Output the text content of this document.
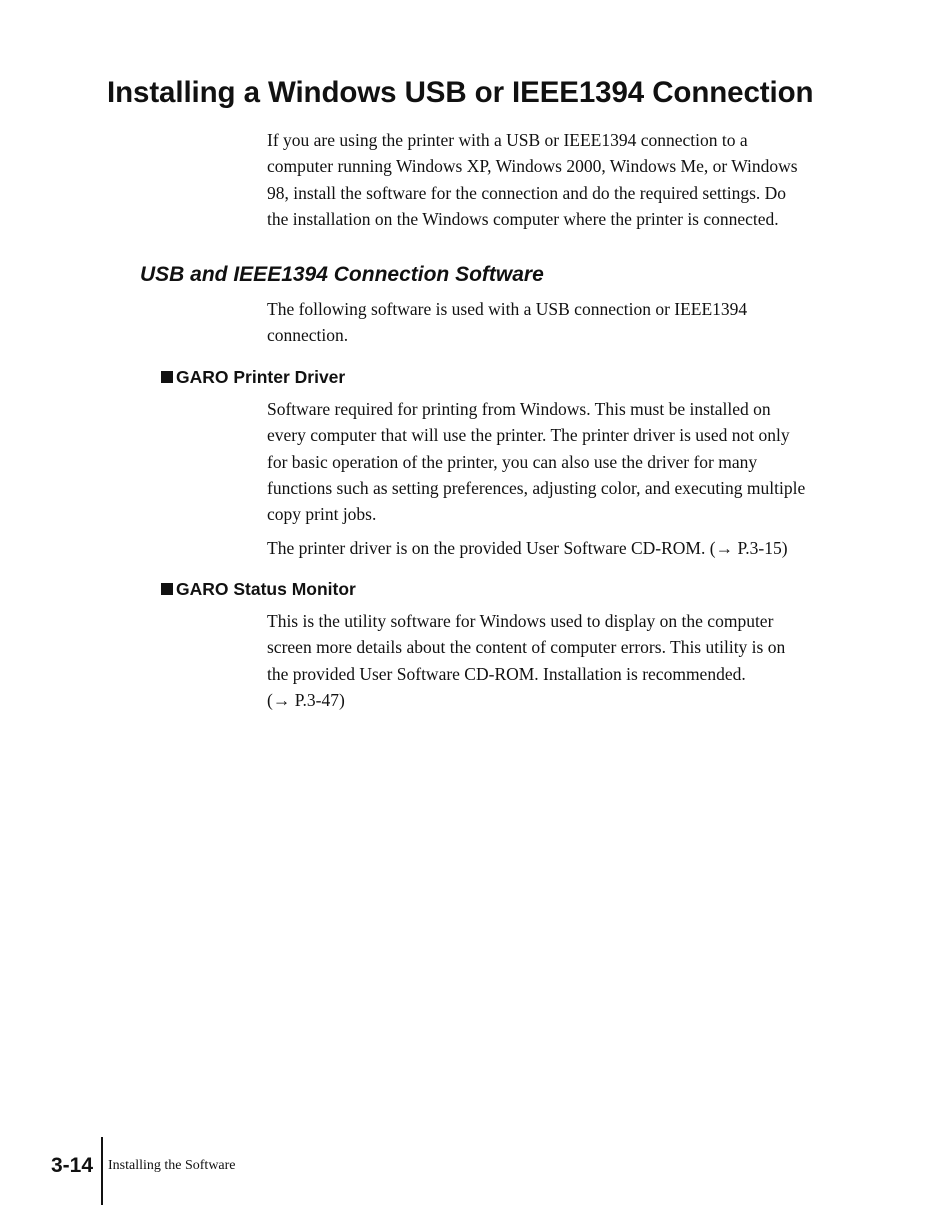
Installing a Windows USB or IEEE1394 Connection
If you are using the printer with a USB or IEEE1394 connection to a
computer running Windows XP, Windows 2000, Windows Me, or Windows
98, install the software for the connection and do the required settings. Do
the installation on the Windows computer where the printer is connected.
USB and IEEE1394 Connection Software
The following software is used with a USB connection or IEEE1394
connection.
GARO Printer Driver
Software required for printing from Windows. This must be installed on
every computer that will use the printer. The printer driver is used not only
for basic operation of the printer, you can also use the driver for many
functions such as setting preferences, adjusting color, and executing multiple
copy print jobs.
The printer driver is on the provided User Software CD-ROM. (→ P.3-15)
GARO Status Monitor
This is the utility software for Windows used to display on the computer
screen more details about the content of computer errors. This utility is on
the provided User Software CD-ROM. Installation is recommended.
(→ P.3-47)
3-14 Installing the Software
